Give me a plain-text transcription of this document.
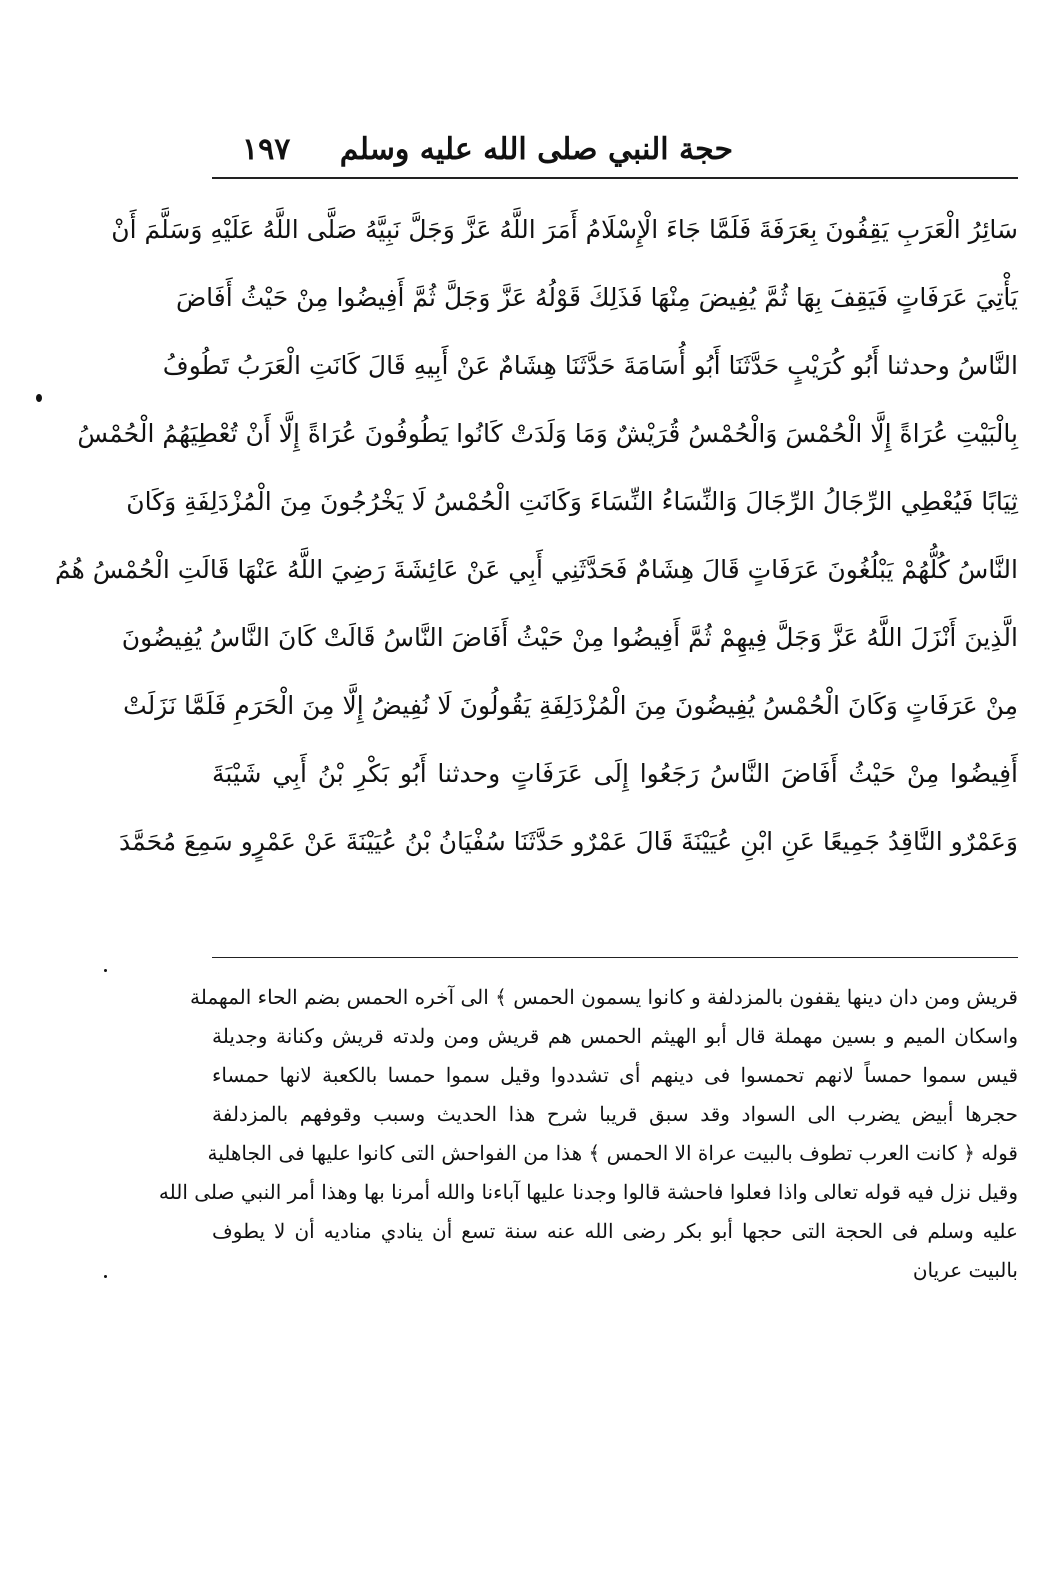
حجة النبي صلى الله عليه وسلم
١٩٧
سَائِرُ الْعَرَبِ يَقِفُونَ بِعَرَفَةَ فَلَمَّا جَاءَ الْإِسْلَامُ أَمَرَ اللَّهُ عَزَّ وَجَلَّ نَبِيَّهُ صَلَّى اللَّهُ عَلَيْهِ وَسَلَّمَ أَنْ
يَأْتِيَ عَرَفَاتٍ فَيَقِفَ بِهَا ثُمَّ يُفِيضَ مِنْهَا فَذَلِكَ قَوْلُهُ عَزَّ وَجَلَّ ثُمَّ أَفِيضُوا مِنْ حَيْثُ أَفَاضَ
النَّاسُ وحدثنا أَبُو كُرَيْبٍ حَدَّثَنَا أَبُو أُسَامَةَ حَدَّثَنَا هِشَامٌ عَنْ أَبِيهِ قَالَ كَانَتِ الْعَرَبُ تَطُوفُ
بِالْبَيْتِ عُرَاةً إِلَّا الْحُمْسَ وَالْحُمْسُ قُرَيْشٌ وَمَا وَلَدَتْ كَانُوا يَطُوفُونَ عُرَاةً إِلَّا أَنْ تُعْطِيَهُمُ الْحُمْسُ
ثِيَابًا فَيُعْطِي الرِّجَالُ الرِّجَالَ وَالنِّسَاءُ النِّسَاءَ وَكَانَتِ الْحُمْسُ لَا يَخْرُجُونَ مِنَ الْمُزْدَلِفَةِ وَكَانَ
النَّاسُ كُلُّهُمْ يَبْلُغُونَ عَرَفَاتٍ قَالَ هِشَامٌ فَحَدَّثَنِي أَبِي عَنْ عَائِشَةَ رَضِيَ اللَّهُ عَنْهَا قَالَتِ الْحُمْسُ هُمُ
الَّذِينَ أَنْزَلَ اللَّهُ عَزَّ وَجَلَّ فِيهِمْ ثُمَّ أَفِيضُوا مِنْ حَيْثُ أَفَاضَ النَّاسُ قَالَتْ كَانَ النَّاسُ يُفِيضُونَ
مِنْ عَرَفَاتٍ وَكَانَ الْحُمْسُ يُفِيضُونَ مِنَ الْمُزْدَلِفَةِ يَقُولُونَ لَا نُفِيضُ إِلَّا مِنَ الْحَرَمِ فَلَمَّا نَزَلَتْ
أَفِيضُوا مِنْ حَيْثُ أَفَاضَ النَّاسُ رَجَعُوا إِلَى عَرَفَاتٍ وحدثنا أَبُو بَكْرِ بْنُ أَبِي شَيْبَةَ
وَعَمْرٌو النَّاقِدُ جَمِيعًا عَنِ ابْنِ عُيَيْنَةَ قَالَ عَمْرٌو حَدَّثَنَا سُفْيَانُ بْنُ عُيَيْنَةَ عَنْ عَمْرٍو سَمِعَ مُحَمَّدَ
قريش ومن دان دينها يقفون بالمزدلفة و كانوا يسمون الحمس ﴾ الى آخره الحمس بضم الحاء المهملة
واسكان الميم و بسين مهملة قال أبو الهيثم الحمس هم قريش ومن ولدته قريش وكنانة وجديلة
قيس سموا حمساً لانهم تحمسوا فى دينهم أى تشددوا وقيل سموا حمسا بالكعبة لانها حمساء
حجرها أبيض يضرب الى السواد وقد سبق قريبا شرح هذا الحديث وسبب وقوفهم بالمزدلفة
قوله ﴿ كانت العرب تطوف بالبيت عراة الا الحمس ﴾ هذا من الفواحش التى كانوا عليها فى الجاهلية
وقيل نزل فيه قوله تعالى واذا فعلوا فاحشة قالوا وجدنا عليها آباءنا والله أمرنا بها وهذا أمر النبي صلى الله
عليه وسلم فى الحجة التى حجها أبو بكر رضى الله عنه سنة تسع أن ينادي مناديه أن لا يطوف
بالبيت عريان
